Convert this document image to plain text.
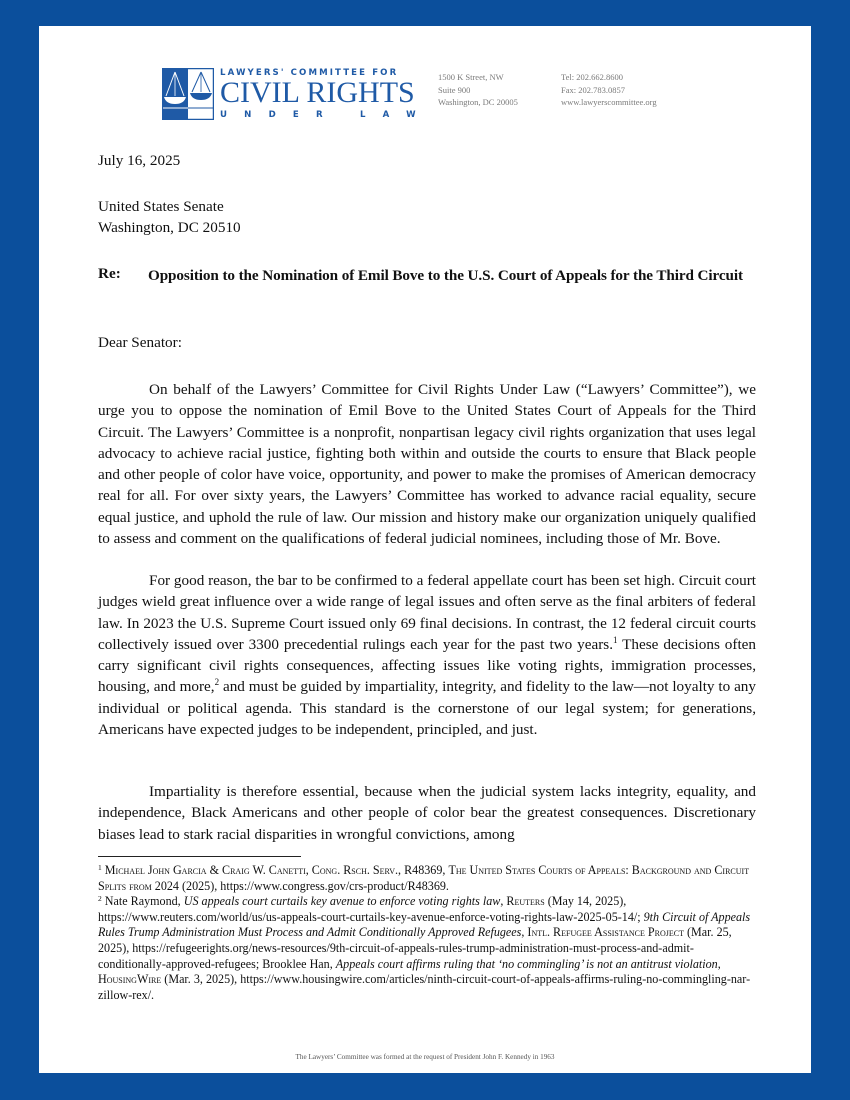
LAWYERS' COMMITTEE FOR
CIVIL RIGHTS
UNDER LAW
1500 K Street, NW
Suite 900
Washington, DC 20005
Tel: 202.662.8600
Fax: 202.783.0857
www.lawyerscommittee.org
July 16, 2025
United States Senate
Washington, DC 20510
Re: Opposition to the Nomination of Emil Bove to the U.S. Court of Appeals for the Third Circuit
Dear Senator:

On behalf of the Lawyers’ Committee for Civil Rights Under Law (“Lawyers’ Committee”), we urge you to oppose the nomination of Emil Bove to the United States Court of Appeals for the Third Circuit. The Lawyers’ Committee is a nonprofit, nonpartisan legacy civil rights organization that uses legal advocacy to achieve racial justice, fighting both within and outside the courts to ensure that Black people and other people of color have voice, opportunity, and power to make the promises of American democracy real for all. For over sixty years, the Lawyers’ Committee has worked to advance racial equality, secure equal justice, and uphold the rule of law. Our mission and history make our organization uniquely qualified to assess and comment on the qualifications of federal judicial nominees, including those of Mr. Bove.

For good reason, the bar to be confirmed to a federal appellate court has been set high. Circuit court judges wield great influence over a wide range of legal issues and often serve as the final arbiters of federal law. In 2023 the U.S. Supreme Court issued only 69 final decisions. In contrast, the 12 federal circuit courts collectively issued over 3300 precedential rulings each year for the past two years.$^1$ These decisions often carry significant civil rights consequences, affecting issues like voting rights, immigration processes, housing, and more,$^2$ and must be guided by impartiality, integrity, and fidelity to the law—not loyalty to any individual or political agenda. This standard is the cornerstone of our legal system; for generations, Americans have expected judges to be independent, principled, and just.

Impartiality is therefore essential, because when the judicial system lacks integrity, equality, and independence, Black Americans and other people of color bear the greatest consequences. Discretionary biases lead to stark racial disparities in wrongful convictions, among

$^1$ Michael John Garcia & Craig W. Canetti, Cong. Rsch. Serv., R48369, The United States Courts of Appeals: Background and Circuit Splits from 2024 (2025), https://www.congress.gov/crs-product/R48369.

$^2$ Nate Raymond, US appeals court curtails key avenue to enforce voting rights law, Reuters (May 14, 2025), https://www.reuters.com/world/us/us-appeals-court-curtails-key-avenue-enforce-voting-rights-law-2025-05-14/; 9th Circuit of Appeals Rules Trump Administration Must Process and Admit Conditionally Approved Refugees, Intl. Refugee Assistance Project (Mar. 25, 2025), https://refugeerights.org/news-resources/9th-circuit-of-appeals-rules-trump-administration-must-process-and-admit-conditionally-approved-refugees; Brooklee Han, Appeals court affirms ruling that ‘no commingling’ is not an antitrust violation, HousingWire (Mar. 3, 2025), https://www.housingwire.com/articles/ninth-circuit-court-of-appeals-affirms-ruling-no-commingling-nar-zillow-rex/.

The Lawyers’ Committee was formed at the request of President John F. Kennedy in 1963
